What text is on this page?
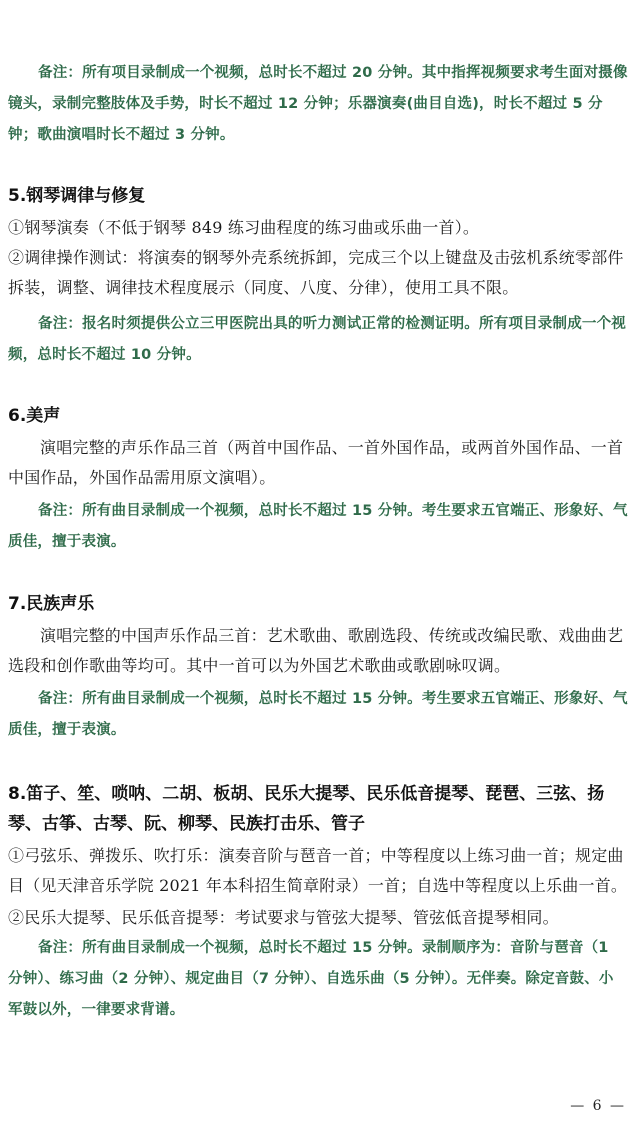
备注：所有项目录制成一个视频，总时长不超过 20 分钟。其中指挥视频要求考生面对摄像镜头，录制完整肢体及手势，时长不超过 12 分钟；乐器演奏(曲目自选)，时长不超过 5 分钟；歌曲演唱时长不超过 3 分钟。
5.钢琴调律与修复
①钢琴演奏（不低于钢琴 849 练习曲程度的练习曲或乐曲一首）。
②调律操作测试：将演奏的钢琴外壳系统拆卸，完成三个以上键盘及击弦机系统零部件拆装，调整、调律技术程度展示（同度、八度、分律），使用工具不限。
备注：报名时须提供公立三甲医院出具的听力测试正常的检测证明。所有项目录制成一个视频，总时长不超过 10 分钟。
6.美声
演唱完整的声乐作品三首（两首中国作品、一首外国作品，或两首外国作品、一首中国作品，外国作品需用原文演唱）。
备注：所有曲目录制成一个视频，总时长不超过 15 分钟。考生要求五官端正、形象好、气质佳，擅于表演。
7.民族声乐
演唱完整的中国声乐作品三首：艺术歌曲、歌剧选段、传统或改编民歌、戏曲曲艺选段和创作歌曲等均可。其中一首可以为外国艺术歌曲或歌剧咏叹调。
备注：所有曲目录制成一个视频，总时长不超过 15 分钟。考生要求五官端正、形象好、气质佳，擅于表演。
8.笛子、笙、唢呐、二胡、板胡、民乐大提琴、民乐低音提琴、琵琶、三弦、扬琴、古筝、古琴、阮、柳琴、民族打击乐、管子
①弓弦乐、弹拨乐、吹打乐：演奏音阶与琶音一首；中等程度以上练习曲一首；规定曲目（见天津音乐学院 2021 年本科招生简章附录）一首；自选中等程度以上乐曲一首。
②民乐大提琴、民乐低音提琴：考试要求与管弦大提琴、管弦低音提琴相同。
备注：所有曲目录制成一个视频，总时长不超过 15 分钟。录制顺序为：音阶与琶音（1 分钟）、练习曲（2 分钟）、规定曲目（7 分钟）、自选乐曲（5 分钟）。无伴奏。除定音鼓、小军鼓以外，一律要求背谱。
— 6 —
